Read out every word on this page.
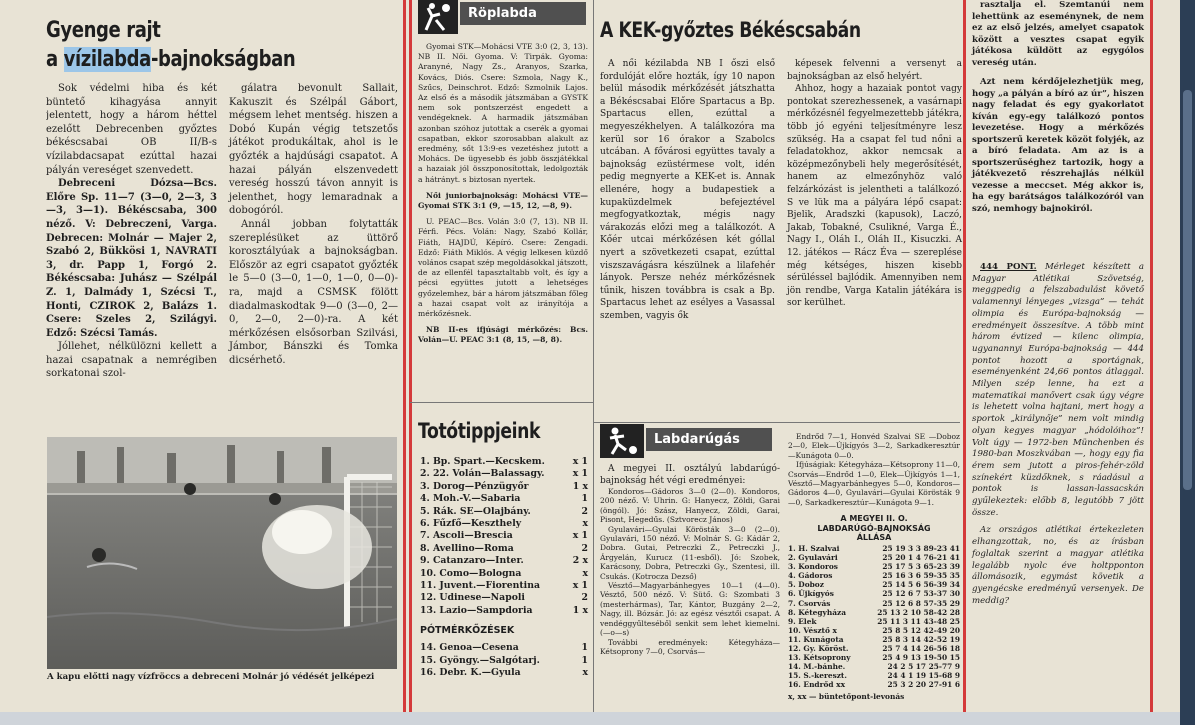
Gyenge rajt
a vízilabda-bajnokságban

Sok védelmi hiba és két büntető kihagyása annyit jelentett, hogy a három héttel ezelőtt Debrecenben győztes békéscsabai OB II/B-s vízilabdacsapat ezúttal hazai pályán vereséget szenvedett.

Debreceni Dózsa—Bcs. Előre Sp. 11—7 (3—0, 2—3, 3—3, 3—1). Békéscsaba, 300 néző. V: Debreczeni, Varga. Debrecen: Molnár — Majer 2, Szabó 2, Bükkösi 1, NAVRATI 3, dr. Papp 1, Forgó 2. Békéscsaba: Juhász — Szélpál Z. 1, Dalmády 1, Szécsi T., Honti, CZIROK 2, Balázs 1. Csere: Szeles 2, Szilágyi. Edző: Szécsi Tamás.

Jóllehet, nélkülözni kellett a hazai csapatnak a nemrégiben sorkatonai szol-

gálatra bevonult Sallait, Kakuszit és Szélpál Gábort, mégsem lehet mentség. hiszen a Dobó Kupán végig tetszetős játékot produkáltak, ahol is le győzték a hajdúsági csapatot. A hazai pályán elszenvedett vereség hosszú távon annyit is jelenthet, hogy lemaradnak a dobogóról.

Annál jobban folytatták szereplésüket az üttörő korosztályúak a bajnokságban. Először az egri csapatot győzték le 5—0 (3—0, 1—0, 1—0, 0—0)-ra, majd a CSMSK fölött diadalmaskodtak 9—0 (3—0, 2—0, 2—0, 2—0)-ra. A két mérkőzésen elsősorban Szilvási, Jámbor, Bánszki és Tomka dicsérhető.

A kapu előtti nagy vízfröccs a debreceni Molnár jó védését jelképezi
Röplabda

Gyomai STK—Mohácsi VTE 3:0 (2, 3, 13). NB II. Női. Gyoma. V: Tirpák. Gyoma: Aranyné, Nagy Zs., Aranyos, Szarka, Kovács, Diós. Csere: Szmola, Nagy K., Szűcs, Deinschrot. Edző: Szmolnik Lajos. Az első és a második játszmában a GYSTK nem sok pontszerzést engedett a vendégeknek. A harmadik játszmában azonban szóhoz jutottak a cserék a gyomai csapatban, ekkor szorosabban alakult az eredmény, sőt 13:9-es vezetéshez jutott a Mohács. De ügyesebb és jobb összjátékkal a hazaiak jól összponosítottak, ledolgozták a hátrányt. s biztosan nyertek.

Női juniorbajnokság: Mohácsi VTE—Gyomai STK 3:1 (9, —15, 12, —8, 9).

U. PEAC—Bcs. Volán 3:0 (7, 13). NB II. Férfi. Pécs. Volán: Nagy, Szabó Kollár, Fiáth, HAJDÚ, Képíró. Csere: Zengadi. Edző: Fiáth Miklós. A végig lelkesen küzdő volános csapat szép megoldásokkal játszott, de az ellenfél tapasztaltabb volt, és így a pécsi együttes jutott a lehetséges győzelemhez, bár a három játszmában főleg a hazai csapat volt az irányítója a mérkőzésnek.

NB II-es ifjúsági mérkőzés: Bcs. Volán—U. PEAC 3:1 (8, 15, —8, 8).

Totótippjeink
1. Bp. Spart.—Kecskem.	x 1
2. 22. Volán—Balassagy.	x 1
3. Dorog—Pénzügyőr	1 x
4. Moh.-V.—Sabaria	1
5. Rák. SE—Olajbány.	2
6. Fűzfő—Keszthely	x
7. Ascoli—Brescia	x 1
8. Avellino—Roma	2
9. Catanzaro—Inter.	2 x
10. Como—Bologna	x
11. Juvent.—Fiorentina	x 1
12. Udinese—Napoli	2
13. Lazio—Sampdoria	1 x
PÓTMÉRKŐZÉSEK
14. Genoa—Cesena	1
15. Gyöngy.—Salgótarj.	1
16. Debr. K.—Gyula	x
A KEK-győztes Békéscsabán

A női kézilabda NB I őszi első fordulóját előre hozták, így 10 napon belül második mérkőzését játszhatta a Békéscsabai Előre Spartacus a Bp. Spartacus ellen, ezúttal a megyeszékhelyen. A találkozóra ma kerül sor 16 órakor a Szabolcs utcában. A fővárosi együttes tavaly a bajnokság ezüstérmese volt, idén pedig megnyerte a KEK-et is. Annak ellenére, hogy a budapestiek a kupaküzdelmek befejeztével megfogyatkoztak, mégis nagy várakozás előzi meg a találkozót. A Kőér utcai mérkőzésen két góllal nyert a szövetkezeti csapat, ezúttal viszszavágásra készülnek a lilafehér lányok. Persze nehéz mérkőzésnek tűnik, hiszen továbbra is csak a Bp. Spartacus lehet az esélyes a Vasassal szemben, vagyis ők

képesek felvenni a versenyt a bajnokságban az első helyért.

Ahhoz, hogy a hazaiak pontot vagy pontokat szerezhessenek, a vasárnapi mérkőzésnél fegyelmezettebb játékra, több jó egyéni teljesítményre lesz szükség. Ha a csapat fel tud nőni a feladatokhoz, akkor nemcsak a középmezőnybeli hely megerősítését, hanem az elmezőnyhöz való felzárkózást is jelentheti a találkozó. S ve lük ma a pályára lépő csapat: Bjelik, Aradszki (kapusok), Laczó, Jakab, Tobakné, Csulikné, Varga É., Nagy I., Oláh I., Oláh II., Kisuczki. A 12. játékos — Rácz Éva — szereplése még kétséges, hiszen kisebb sérüléssel bajlódik. Amennyiben nem jön rendbe, Varga Katalin játékára is sor kerülhet.

Labdarúgás

A megyei II. osztályú labdarúgó-bajnokság hét végi eredményei:

Kondoros—Gádoros 3—0 (2—0). Kondoros, 200 néző. V: Uhrin. G: Hanyecz, Zöldi, Garai (öngól). Jó: Szász, Hanyecz, Zöldi, Garai, Pisont, Hegedűs. (Sztvorecz János)

Gyulavári—Gyulai Körösták 3—0 (2—0). Gyulavári, 150 néző. V: Molnár S. G: Kádár 2, Dobra. Gutai, Petreczki Z., Petreczki J., Árgyelán, Kurucz (11-esből). Jó: Szobek, Karácsony, Dobra, Petreczki Gy., Szentesi, ill. Csukás. (Kotrocza Dezső)

Vésztő—Magyarbánhegyes 10—1 (4—0). Vésztő, 500 néző. V: Sütő. G: Szombati 3 (mesterhármas), Tar, Kántor, Buzgány 2—2, Nagy, ill. Bózsár. Jó: az egész vésztői csapat. A vendéggyűlteséből senkit sem lehet kiemelni. (—o—s)

További eredmények: Kétegyháza—Kétsoprony 7—0, Csorvás—

Endrőd 7—1, Honvéd Szalvai SE —Doboz 2—0, Elek—Újkígyós 3—2, Sarkadkeresztúr—Kunágota 0—0.

Ifjúságiak: Kétegyháza—Kétsoprony 11—0, Csorvás—Endrőd 1—0, Elek—Újkígyós 1—1, Vésztő—Magyarbánhegyes 5—0, Kondoros—Gádoros 4—0, Gyulavári—Gyulai Körösták 9—0, Sarkadkeresztúr—Kunágota 9—1.

A MEGYEI II. O.
LABDARÚGÓ-BAJNOKSÁG
ÁLLÁSA
1. H. Szalvai	25 19 3 3 89-23 41
2. Gyulavári	25 20 1 4 76-21 41
3. Kondoros	25 17 5 3 65-23 39
4. Gádoros	25 16 3 6 59-35 35
5. Doboz	25 14 5 6 56-39 34
6. Újkígyós	25 12 6 7 53-37 30
7. Csorvás	25 12 6 8 57-35 29
8. Kétegyháza	25 13 2 10 58-42 28
9. Elek	25 11 3 11 43-48 25
10. Vésztő x	25 8 5 12 42-49 20
11. Kunágota	25 8 3 14 42-52 19
12. Gy. Köröst.	25 7 4 14 26-56 18
13. Kétsoprony	25 4 9 13 19-50 15
14. M.-bánhe.	24 2 5 17 25-77 9
15. S.-kereszt.	24 4 1 19 15-68 9
16. Endrőd xx	25 3 2 20 27-91 6
x, xx — büntetőpont-levonás

rasztalja el. Szemtanúi nem lehettünk az eseménynek, de nem ez az első jelzés, amelyet csapatok között a vesztes csapat egyik játékosa küldött az egygólos vereség után.

Azt nem kérdőjelezhetjük meg, hogy „a pályán a bíró az úr”, hiszen nagy feladat és egy gyakorlatot kíván egy-egy találkozó pontos levezetése. Hogy a mérkőzés sportszerű keretek közöt folyjék, az a bíró feladata. Am az is a sportszerűséghez tartozik, hogy a játékvezető részrehajlás nélkül vezesse a meccset. Még akkor is, ha egy barátságos találkozóról van szó, nemhogy bajnokiról.

444 PONT. Mérleget készített a Magyar Atlétikai Szövetség, meggpedig a felszabadulást követő valamennyi lényeges „vizsga” — tehát olimpia és Európa-bajnokság — eredményeit összesítve. A több mint három évtized — kilenc olimpia, ugyanannyi Európa-bajnokság — 444 pontot hozott a sportágnak, eseményenként 24,66 pontos átlaggal. Milyen szép lenne, ha ezt a matematikai manővert csak úgy végre is lehetett volna hajtani, mert hogy a sportok „királynője” nem volt mindig olyan kegyes magyar „hódolóihoz”! Volt úgy — 1972-ben Münchenben és 1980-ban Moszkvában —, hogy egy fia érem sem jutott a piros-fehér-zöld színekért küzdőknek, s ráadásul a pontok is lassan-lassacskán gyűlekeztek: előbb 8, legutóbb 7 jött össze.

Az országos atlétikai értekezleten elhangzottak, no, és az írásban foglaltak szerint a magyar atlétika legalább nyolc éve holtpponton állomásozik, egymást követik a gyengécske eredményű versenyek. De meddig?
